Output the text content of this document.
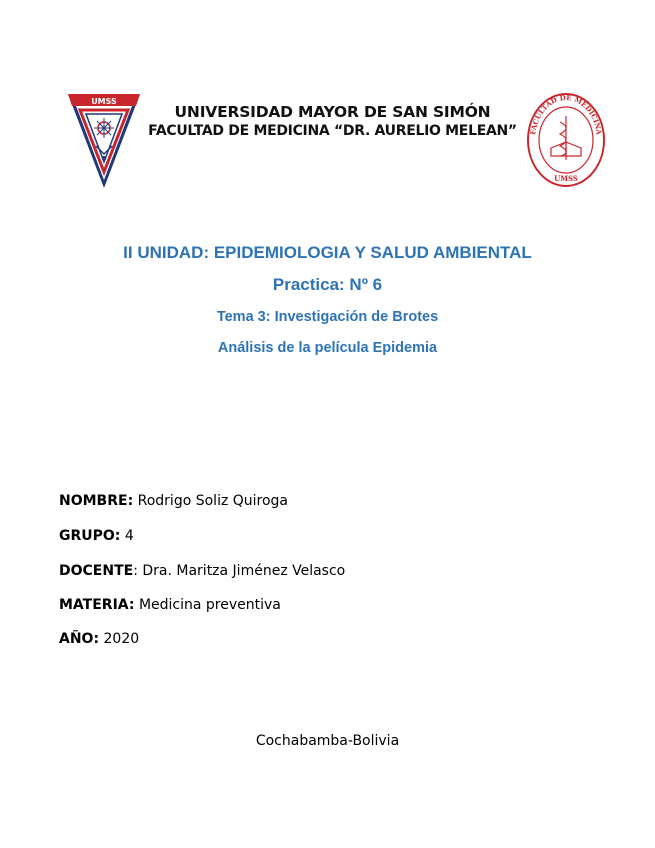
UMSS
UNIVERSIDAD MAYOR DE SAN SIMÓN
FACULTAD DE MEDICINA “DR. AURELIO MELEAN”	FACULTAD DE MEDICINA
UMSS
II UNIDAD: EPIDEMIOLOGIA Y SALUD AMBIENTAL
Practica: Nº 6
Tema 3: Investigación de Brotes
Análisis de la película Epidemia
NOMBRE: Rodrigo Soliz Quiroga
GRUPO: 4
DOCENTE: Dra. Maritza Jiménez Velasco
MATERIA: Medicina preventiva
AÑO: 2020
Cochabamba-Bolivia
